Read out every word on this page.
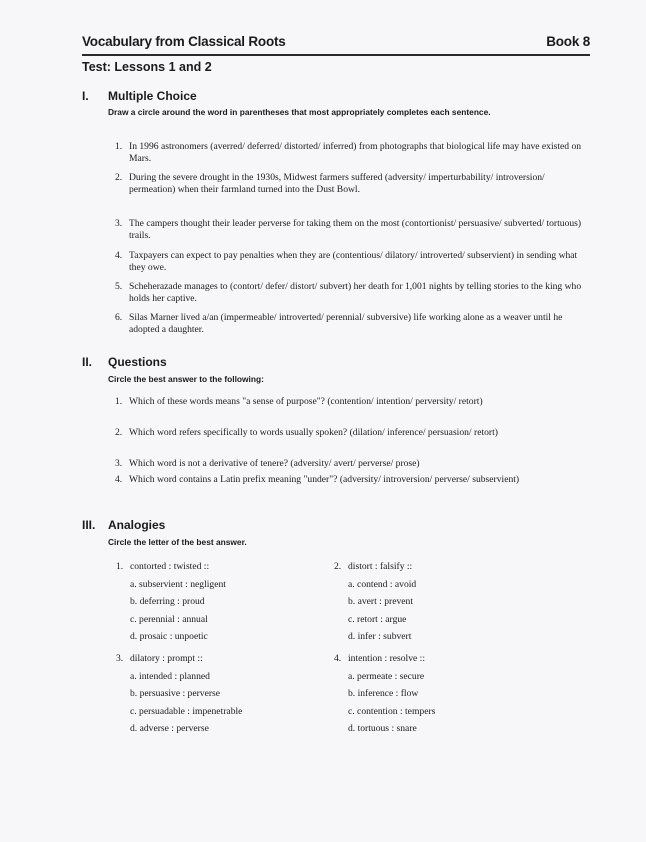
Vocabulary from Classical Roots	Book 8
Test: Lessons 1 and 2
I. Multiple Choice
Draw a circle around the word in parentheses that most appropriately completes each sentence.
1. In 1996 astronomers (averred/ deferred/ distorted/ inferred) from photographs that biological life may have existed on Mars.
2. During the severe drought in the 1930s, Midwest farmers suffered (adversity/ imperturbability/ introversion/ permeation) when their farmland turned into the Dust Bowl.
3. The campers thought their leader perverse for taking them on the most (contortionist/ persuasive/ subverted/ tortuous) trails.
4. Taxpayers can expect to pay penalties when they are (contentious/ dilatory/ introverted/ subservient) in sending what they owe.
5. Scheherazade manages to (contort/ defer/ distort/ subvert) her death for 1,001 nights by telling stories to the king who holds her captive.
6. Silas Marner lived a/an (impermeable/ introverted/ perennial/ subversive) life working alone as a weaver until he adopted a daughter.
II. Questions
Circle the best answer to the following:
1. Which of these words means "a sense of purpose"? (contention/ intention/ perversity/ retort)
2. Which word refers specifically to words usually spoken? (dilation/ inference/ persuasion/ retort)
3. Which word is not a derivative of tenere? (adversity/ avert/ perverse/ prose)
4. Which word contains a Latin prefix meaning "under"? (adversity/ introversion/ perverse/ subservient)
III. Analogies
Circle the letter of the best answer.
1. contorted : twisted ::
a. subservient : negligent
b. deferring : proud
c. perennial : annual
d. prosaic : unpoetic
2. distort : falsify ::
a. contend : avoid
b. avert : prevent
c. retort : argue
d. infer : subvert
3. dilatory : prompt ::
a. intended : planned
b. persuasive : perverse
c. persuadable : impenetrable
d. adverse : perverse
4. intention : resolve ::
a. permeate : secure
b. inference : flow
c. contention : tempers
d. tortuous : snare
